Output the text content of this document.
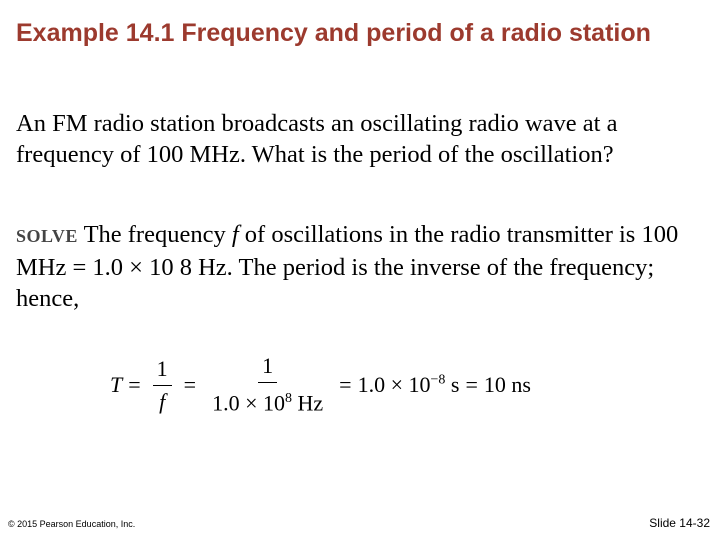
Example 14.1 Frequency and period of a radio station
An FM radio station broadcasts an oscillating radio wave at a frequency of 100 MHz. What is the period of the oscillation?
SOLVE The frequency f of oscillations in the radio transmitter is 100 MHz = 1.0 × 10 8 Hz. The period is the inverse of the frequency; hence,
$T = \frac{1}{f} = \frac{1}{1.0 \times 10^8 Hz} = 1.0 \times 10^{-8}$ s = 10 ns
© 2015 Pearson Education, Inc.	Slide 14-32
